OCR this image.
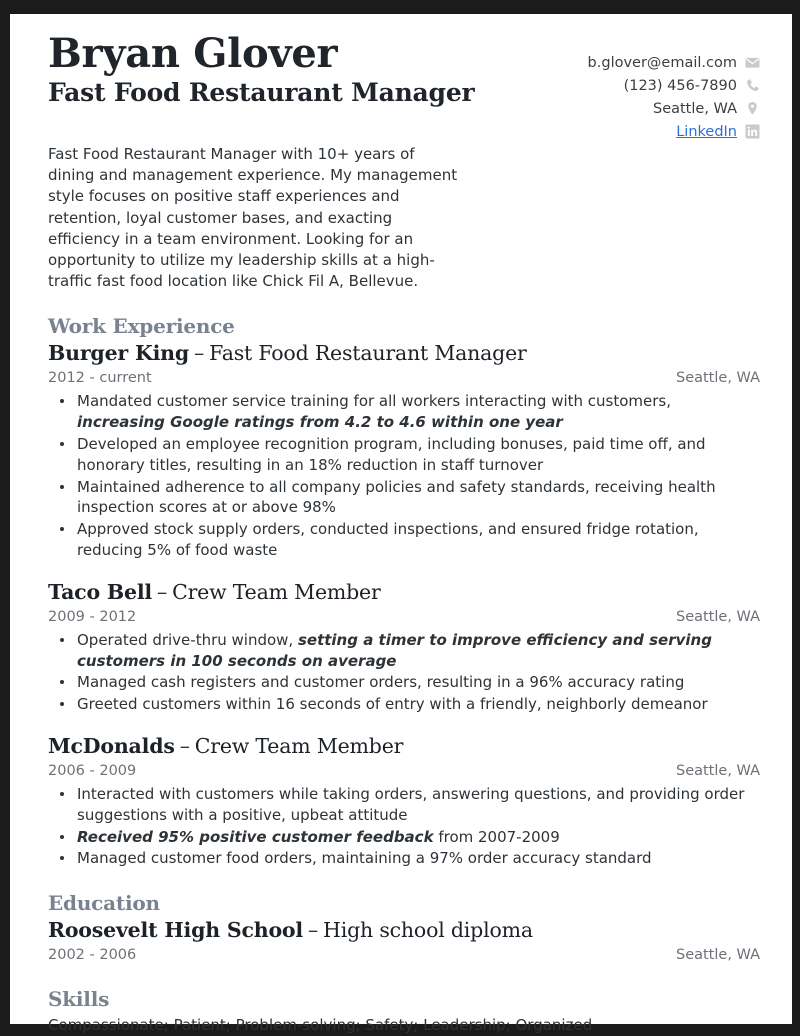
Bryan Glover
Fast Food Restaurant Manager
b.glover@email.com
(123) 456-7890
Seattle, WA
LinkedIn
Fast Food Restaurant Manager with 10+ years of dining and management experience. My management style focuses on positive staff experiences and retention, loyal customer bases, and exacting efficiency in a team environment. Looking for an opportunity to utilize my leadership skills at a high-traffic fast food location like Chick Fil A, Bellevue.
Work Experience
Burger King – Fast Food Restaurant Manager
2012 - current	Seattle, WA
Mandated customer service training for all workers interacting with customers, increasing Google ratings from 4.2 to 4.6 within one year
Developed an employee recognition program, including bonuses, paid time off, and honorary titles, resulting in an 18% reduction in staff turnover
Maintained adherence to all company policies and safety standards, receiving health inspection scores at or above 98%
Approved stock supply orders, conducted inspections, and ensured fridge rotation, reducing 5% of food waste
Taco Bell – Crew Team Member
2009 - 2012	Seattle, WA
Operated drive-thru window, setting a timer to improve efficiency and serving customers in 100 seconds on average
Managed cash registers and customer orders, resulting in a 96% accuracy rating
Greeted customers within 16 seconds of entry with a friendly, neighborly demeanor
McDonalds – Crew Team Member
2006 - 2009	Seattle, WA
Interacted with customers while taking orders, answering questions, and providing order suggestions with a positive, upbeat attitude
Received 95% positive customer feedback from 2007-2009
Managed customer food orders, maintaining a 97% order accuracy standard
Education
Roosevelt High School – High school diploma
2002 - 2006	Seattle, WA
Skills
Compassionate; Patient; Problem-solving; Safety; Leadership; Organized
